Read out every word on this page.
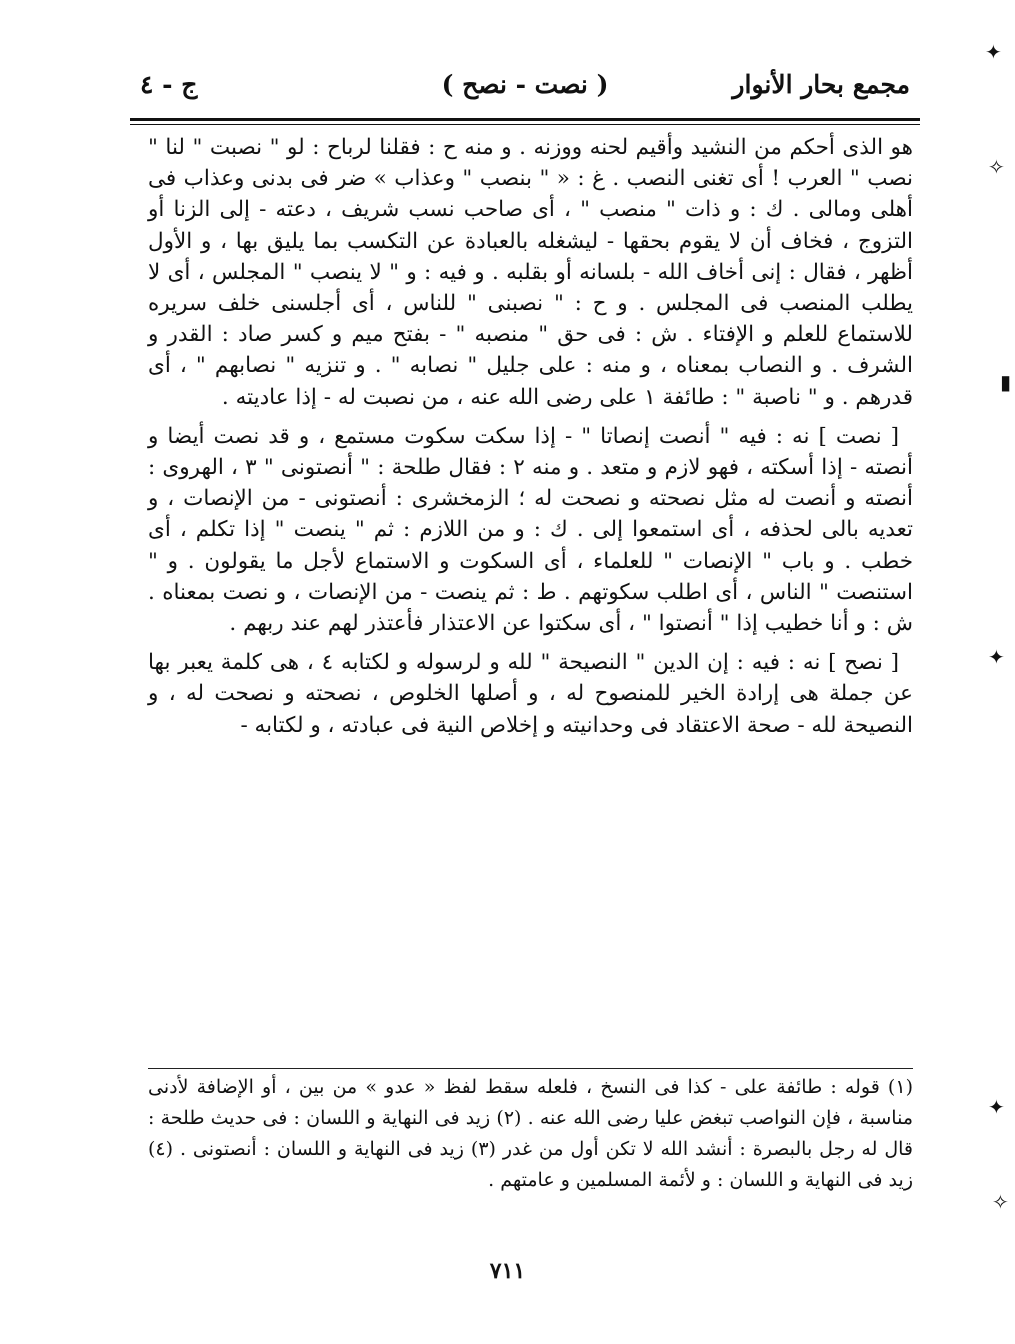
مجمع بحار الأنوار
( نصت - نصح )
ج - ٤

هو الذى أحكم من النشيد وأقيم لحنه ووزنه . و منه ح : فقلنا لرباح : لو " نصبت " لنا " نصب " العرب ! أى تغنى النصب . غ : « " بنصب " وعذاب » ضر فى بدنى وعذاب فى أهلى ومالى . ك : و ذات " منصب " ، أى صاحب نسب شريف ، دعته - إلى الزنا أو التزوج ، فخاف أن لا يقوم بحقها - ليشغله بالعبادة عن التكسب بما يليق بها ، و الأول أظهر ، فقال : إنى أخاف الله - بلسانه أو بقلبه . و فيه : و " لا ينصب " المجلس ، أى لا يطلب المنصب فى المجلس . و ح : " نصبنى " للناس ، أى أجلسنى خلف سريره للاستماع للعلم و الإفتاء . ش : فى حق " منصبه " - بفتح ميم و كسر صاد : القدر و الشرف . و النصاب بمعناه ، و منه : على جليل " نصابه " . و تنزيه " نصابهم " ، أى قدرهم . و " ناصبة " : طائفة ١ على رضى الله عنه ، من نصبت له - إذا عاديته .

[ نصت ] نه : فيه " أنصت إنصاتا " - إذا سكت سكوت مستمع ، و قد نصت أيضا و أنصته - إذا أسكته ، فهو لازم و متعد . و منه ٢ : فقال طلحة : " أنصتونى " ٣ ، الهروى : أنصته و أنصت له مثل نصحته و نصحت له ؛ الزمخشرى : أنصتونى - من الإنصات ، و تعديه بالى لحذفه ، أى استمعوا إلى . ك : و من اللازم : ثم " ينصت " إذا تكلم ، أى خطب . و باب " الإنصات " للعلماء ، أى السكوت و الاستماع لأجل ما يقولون . و " استنصت " الناس ، أى اطلب سكوتهم . ط : ثم ينصت - من الإنصات ، و نصت بمعناه . ش : و أنا خطيب إذا " أنصتوا " ، أى سكتوا عن الاعتذار فأعتذر لهم عند ربهم .

[ نصح ] نه : فيه : إن الدين " النصيحة " لله و لرسوله و لكتابه ٤ ، هى كلمة يعبر بها عن جملة هى إرادة الخير للمنصوح له ، و أصلها الخلوص ، نصحته و نصحت له ، و النصيحة لله - صحة الاعتقاد فى وحدانيته و إخلاص النية فى عبادته ، و لكتابه -

(١) قوله : طائفة على - كذا فى النسخ ، فلعله سقط لفظ « عدو » من بين ، أو الإضافة لأدنى مناسبة ، فإن النواصب تبغض عليا رضى الله عنه . (٢) زيد فى النهاية و اللسان : فى حديث طلحة : قال له رجل بالبصرة : أنشد الله لا تكن أول من غدر (٣) زيد فى النهاية و اللسان : أنصتونى . (٤) زيد فى النهاية و اللسان : و لأئمة المسلمين و عامتهم .

٧١١
✦
✧
▮
✦
✦
✧
